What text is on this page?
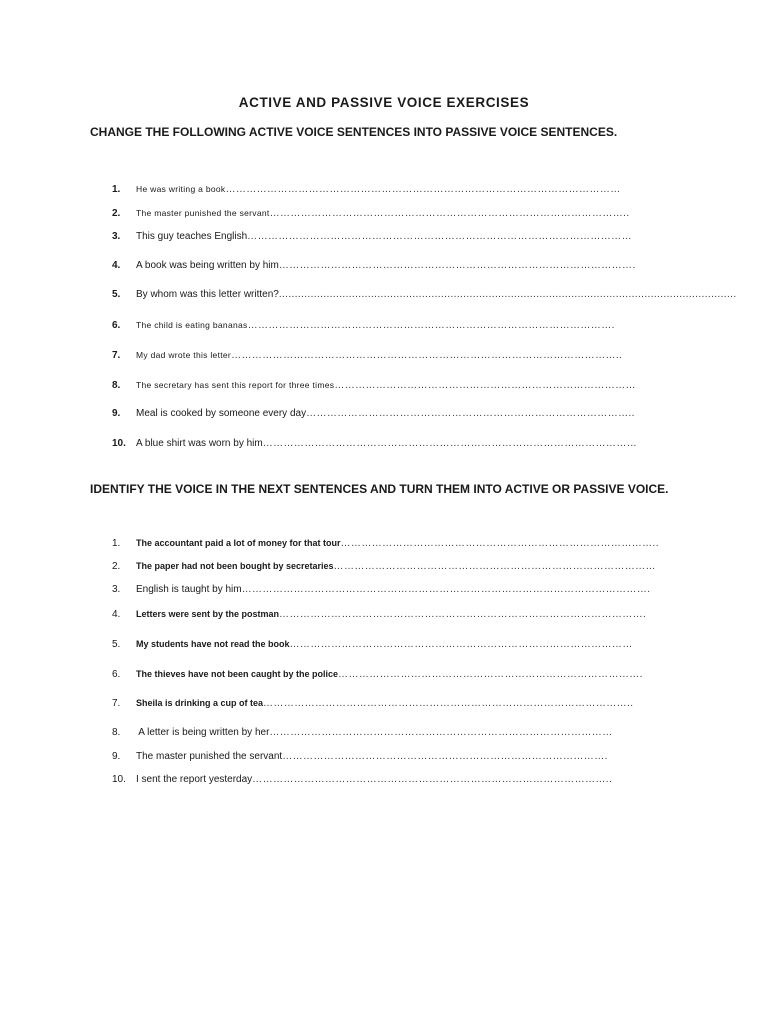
ACTIVE AND PASSIVE VOICE EXERCISES
CHANGE THE FOLLOWING ACTIVE VOICE SENTENCES INTO PASSIVE VOICE SENTENCES.
1. He was writing a book……………………………………………………………………………………………………
2. The master punished the servant…………………………………………………………………………………………..
3. This guy teaches English…………………………………………………………………………………………………
4. A book was being written by him………………………………………………………………………………………….
5. By whom was this letter written?................................................................................................................................................
6. The child is eating bananas…………………………………………………………………………………………….
7. My dad wrote this letter…………………………………………………………………………………………………..
8. The secretary has sent this report for three times……………………………………………………………………………
9. Meal is cooked by someone every day…………………………………………………………………………………..
10. A blue shirt was worn by him………………………………………………………………………………………………
IDENTIFY THE VOICE IN THE NEXT SENTENCES AND TURN THEM INTO ACTIVE OR PASSIVE VOICE.
1. The accountant paid a lot of money for that tour………………………………………………………………………………..
2. The paper had not been bought by secretaries…………………………………………………………………………………
3. English is taught by him……………………………………………………………………………………………………….
4. Letters were sent by the postman…………………………………………………………………………………………….
5. My students have not read the book………………………………………………………………………………………
6. The thieves have not been caught by the police…………………………………………………………………………….
7. Sheila is drinking a cup of tea……………………………………………………………………………………………..
8. A letter is being written by her………………………………………………………………………………………
9. The master punished the servant………………………………………………………………………………….
10. I sent the report yesterday…………………………………………………………………………………………..
